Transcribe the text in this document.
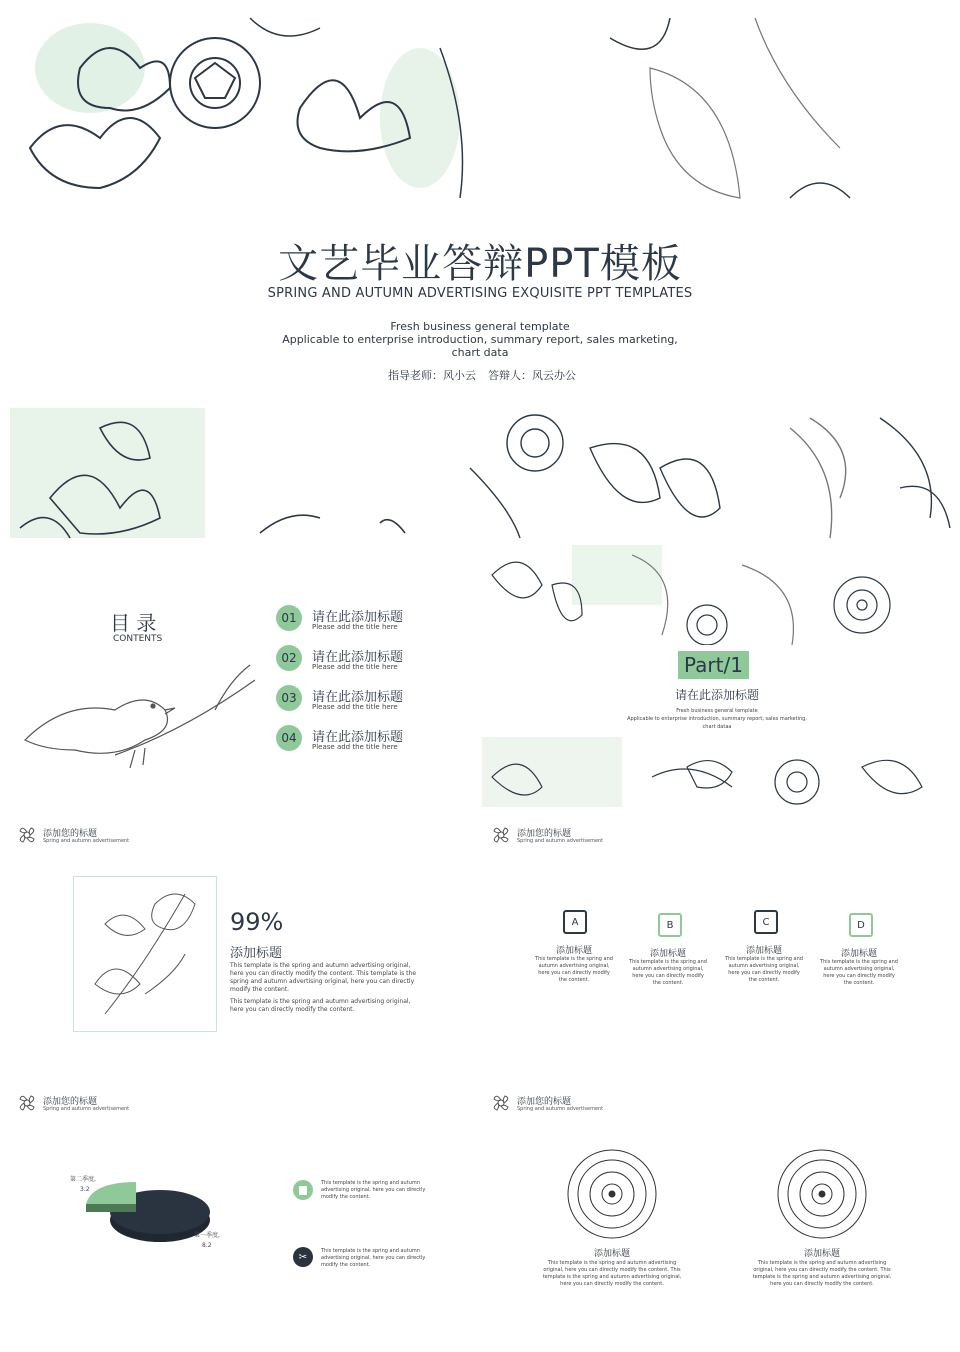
文艺毕业答辩PPT模板
SPRING AND AUTUMN ADVERTISING EXQUISITE PPT TEMPLATES
Fresh business general template
Applicable to enterprise introduction, summary report, sales marketing,
chart data
指导老师：风小云 答辩人：风云办公
目 录
CONTENTS
01	请在此添加标题
Please add the title here
02	请在此添加标题
Please add the title here
03	请在此添加标题
Please add the title here
04	请在此添加标题
Please add the title here
Part/1
请在此添加标题
Fresh business general template
Applicable to enterprise introduction, summary report, sales marketing,
chart dataa
添加您的标题
Spring and autumn advertisement
99%
添加标题
This template is the spring and autumn advertising original, here you can directly modify the content. This template is the spring and autumn advertising original, here you can directly modify the content.
This template is the spring and autumn advertising original, here you can directly modify the content.
添加您的标题
Spring and autumn advertisement
A
添加标题
This template is the spring and autumn advertising original, here you can directly modify the content.
B
添加标题
This template is the spring and autumn advertising original, here you can directly modify the content.
C
添加标题
This template is the spring and autumn advertising original, here you can directly modify the content.
D
添加标题
This template is the spring and autumn advertising original, here you can directly modify the content.
添加您的标题
Spring and autumn advertisement
第二季度,
3.2
第一季度,
8.2
This template is the spring and autumn advertising original, here you can directly modify the content.
✂
This template is the spring and autumn advertising original, here you can directly modify the content.
添加您的标题
Spring and autumn advertisement
添加标题
This template is the spring and autumn advertising original, here you can directly modify the content. This template is the spring and autumn advertising original, here you can directly modify the content.
添加标题
This template is the spring and autumn advertising original, here you can directly modify the content. This template is the spring and autumn advertising original, here you can directly modify the content.
